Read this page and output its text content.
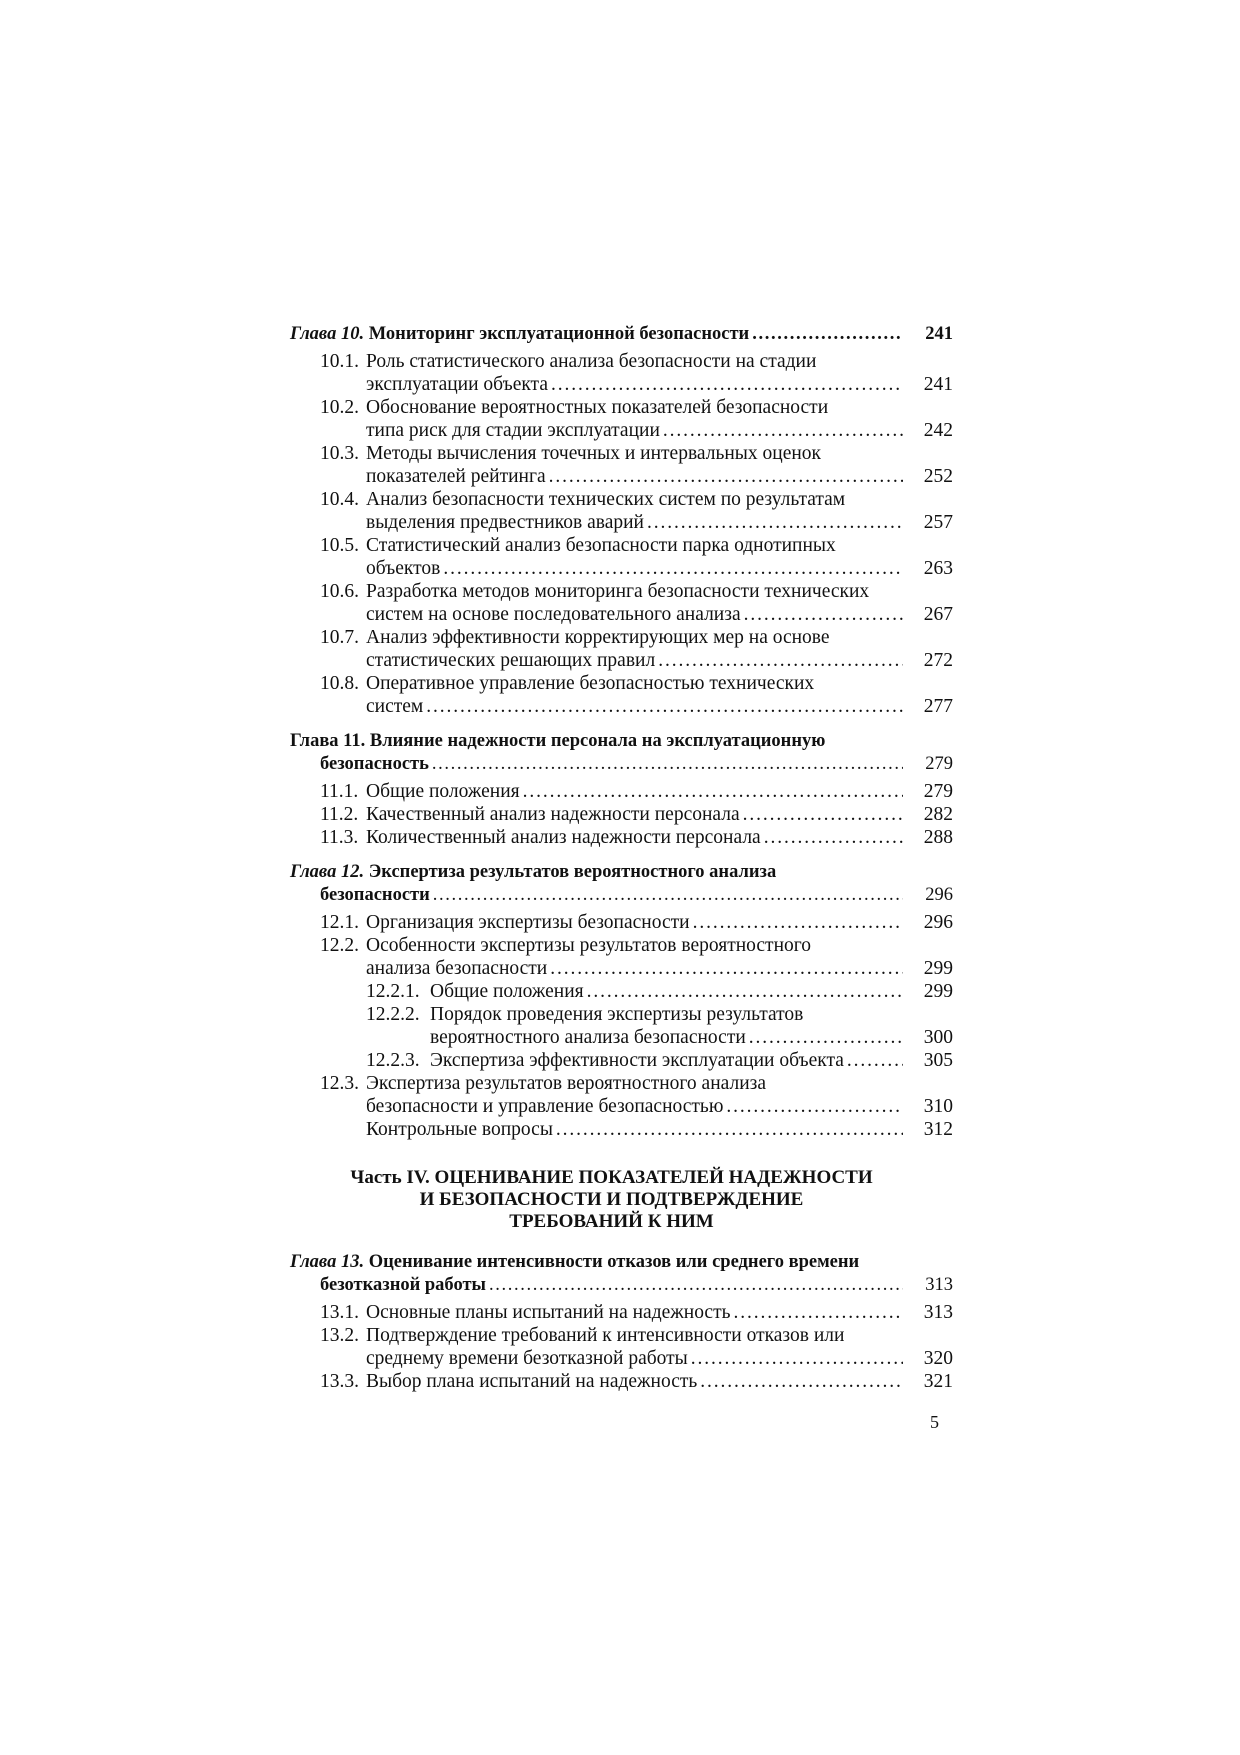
Глава 10. Мониторинг эксплуатационной безопасности . . .	241
10.1. Роль статистического анализа безопасности на стадии
эксплуатации объекта . . .	241
10.2. Обоснование вероятностных показателей безопасности
типа риск для стадии эксплуатации . . .	242
10.3. Методы вычисления точечных и интервальных оценок
показателей рейтинга . . .	252
10.4. Анализ безопасности технических систем по результатам
выделения предвестников аварий . . .	257
10.5. Статистический анализ безопасности парка однотипных
объектов . . .	263
10.6. Разработка методов мониторинга безопасности технических
систем на основе последовательного анализа . . .	267
10.7. Анализ эффективности корректирующих мер на основе
статистических решающих правил . . .	272
10.8. Оперативное управление безопасностью технических
систем . . .	277
Глава 11. Влияние надежности персонала на эксплуатационную
безопасность . . .	279
11.1. Общие положения . . .	279
11.2. Качественный анализ надежности персонала . . .	282
11.3. Количественный анализ надежности персонала . . .	288
Глава 12. Экспертиза результатов вероятностного анализа
безопасности . . .	296
12.1. Организация экспертизы безопасности . . .	296
12.2. Особенности экспертизы результатов вероятностного
анализа безопасности . . .	299
12.2.1. Общие положения . . .	299
12.2.2. Порядок проведения экспертизы результатов
вероятностного анализа безопасности . . .	300
12.2.3. Экспертиза эффективности эксплуатации объекта . . .	305
12.3. Экспертиза результатов вероятностного анализа
безопасности и управление безопасностью . . .	310
Контрольные вопросы . . .	312
Часть IV. ОЦЕНИВАНИЕ ПОКАЗАТЕЛЕЙ НАДЕЖНОСТИ
И БЕЗОПАСНОСТИ И ПОДТВЕРЖДЕНИЕ
ТРЕБОВАНИЙ К НИМ
Глава 13. Оценивание интенсивности отказов или среднего времени
безотказной работы . . .	313
13.1. Основные планы испытаний на надежность . . .	313
13.2. Подтверждение требований к интенсивности отказов или
среднему времени безотказной работы . . .	320
13.3. Выбор плана испытаний на надежность . . .	321
5
